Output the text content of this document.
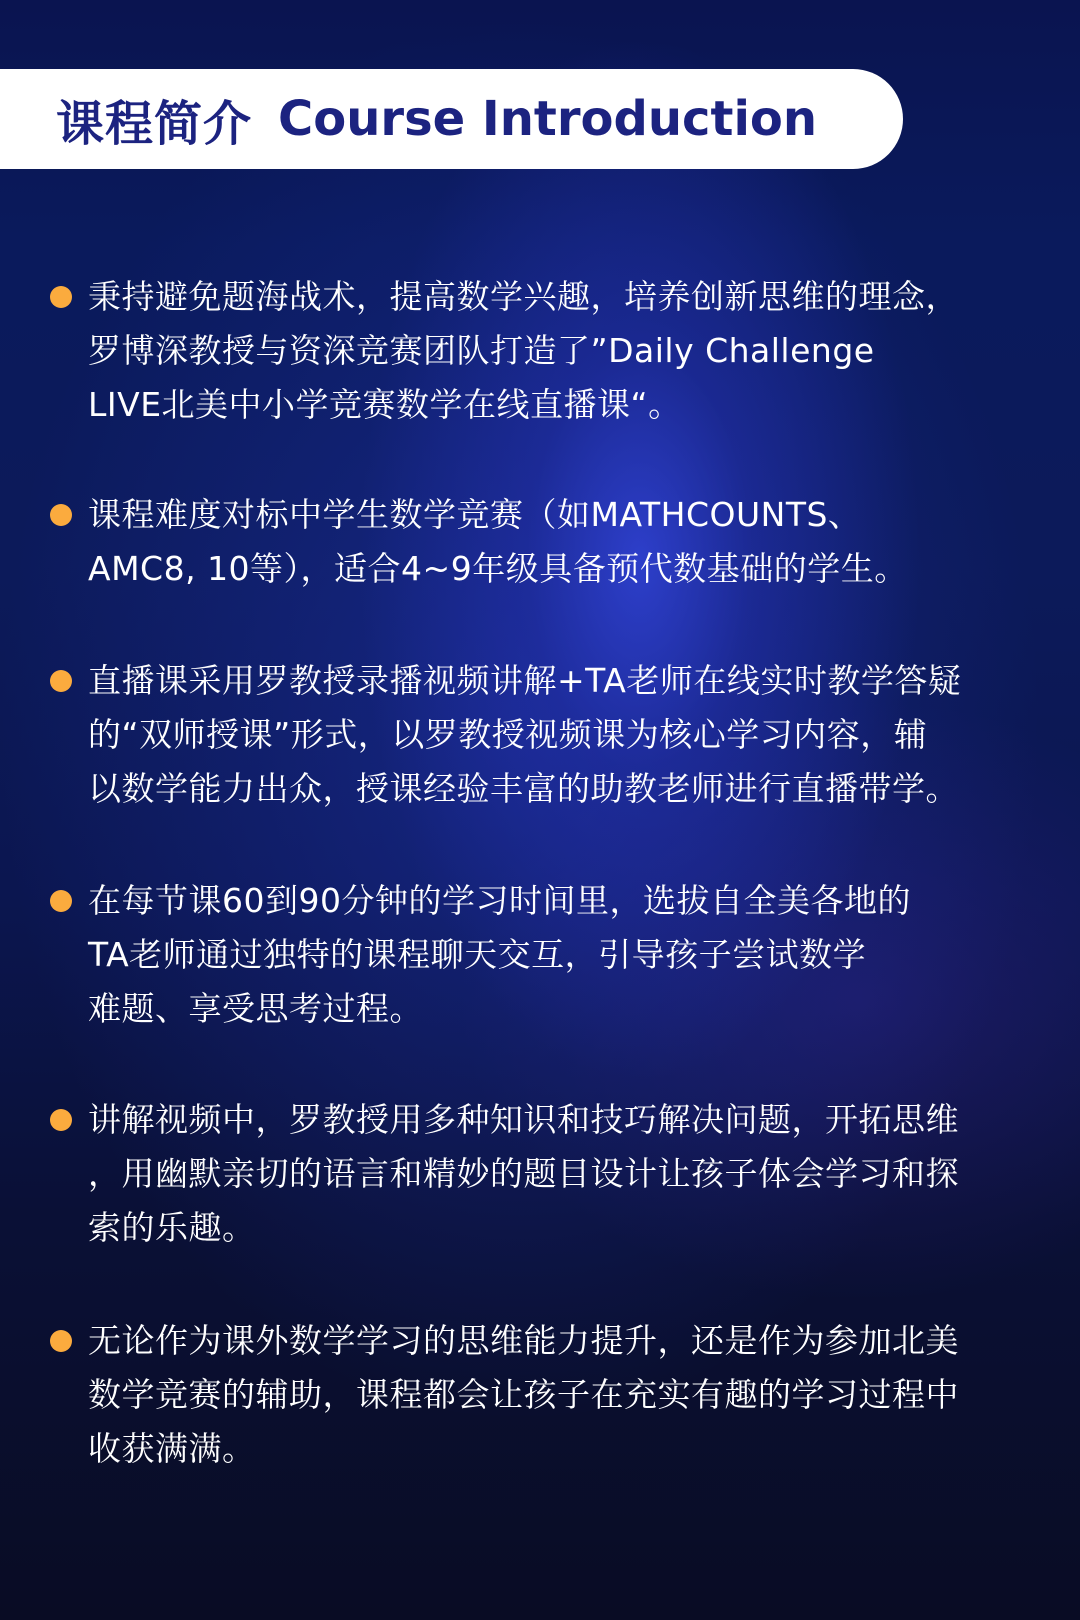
课程简介 Course Introduction
秉持避免题海战术，提高数学兴趣，培养创新思维的理念，
罗博深教授与资深竞赛团队打造了”Daily Challenge
LIVE北美中小学竞赛数学在线直播课“。
课程难度对标中学生数学竞赛（如MATHCOUNTS、
AMC8, 10等），适合4~9年级具备预代数基础的学生。
直播课采用罗教授录播视频讲解+TA老师在线实时教学答疑
的“双师授课”形式，以罗教授视频课为核心学习内容，辅
以数学能力出众，授课经验丰富的助教老师进行直播带学。
在每节课60到90分钟的学习时间里，选拔自全美各地的
TA老师通过独特的课程聊天交互，引导孩子尝试数学
难题、享受思考过程。
讲解视频中，罗教授用多种知识和技巧解决问题，开拓思维
，用幽默亲切的语言和精妙的题目设计让孩子体会学习和探
索的乐趣。
无论作为课外数学学习的思维能力提升，还是作为参加北美
数学竞赛的辅助，课程都会让孩子在充实有趣的学习过程中
收获满满。
